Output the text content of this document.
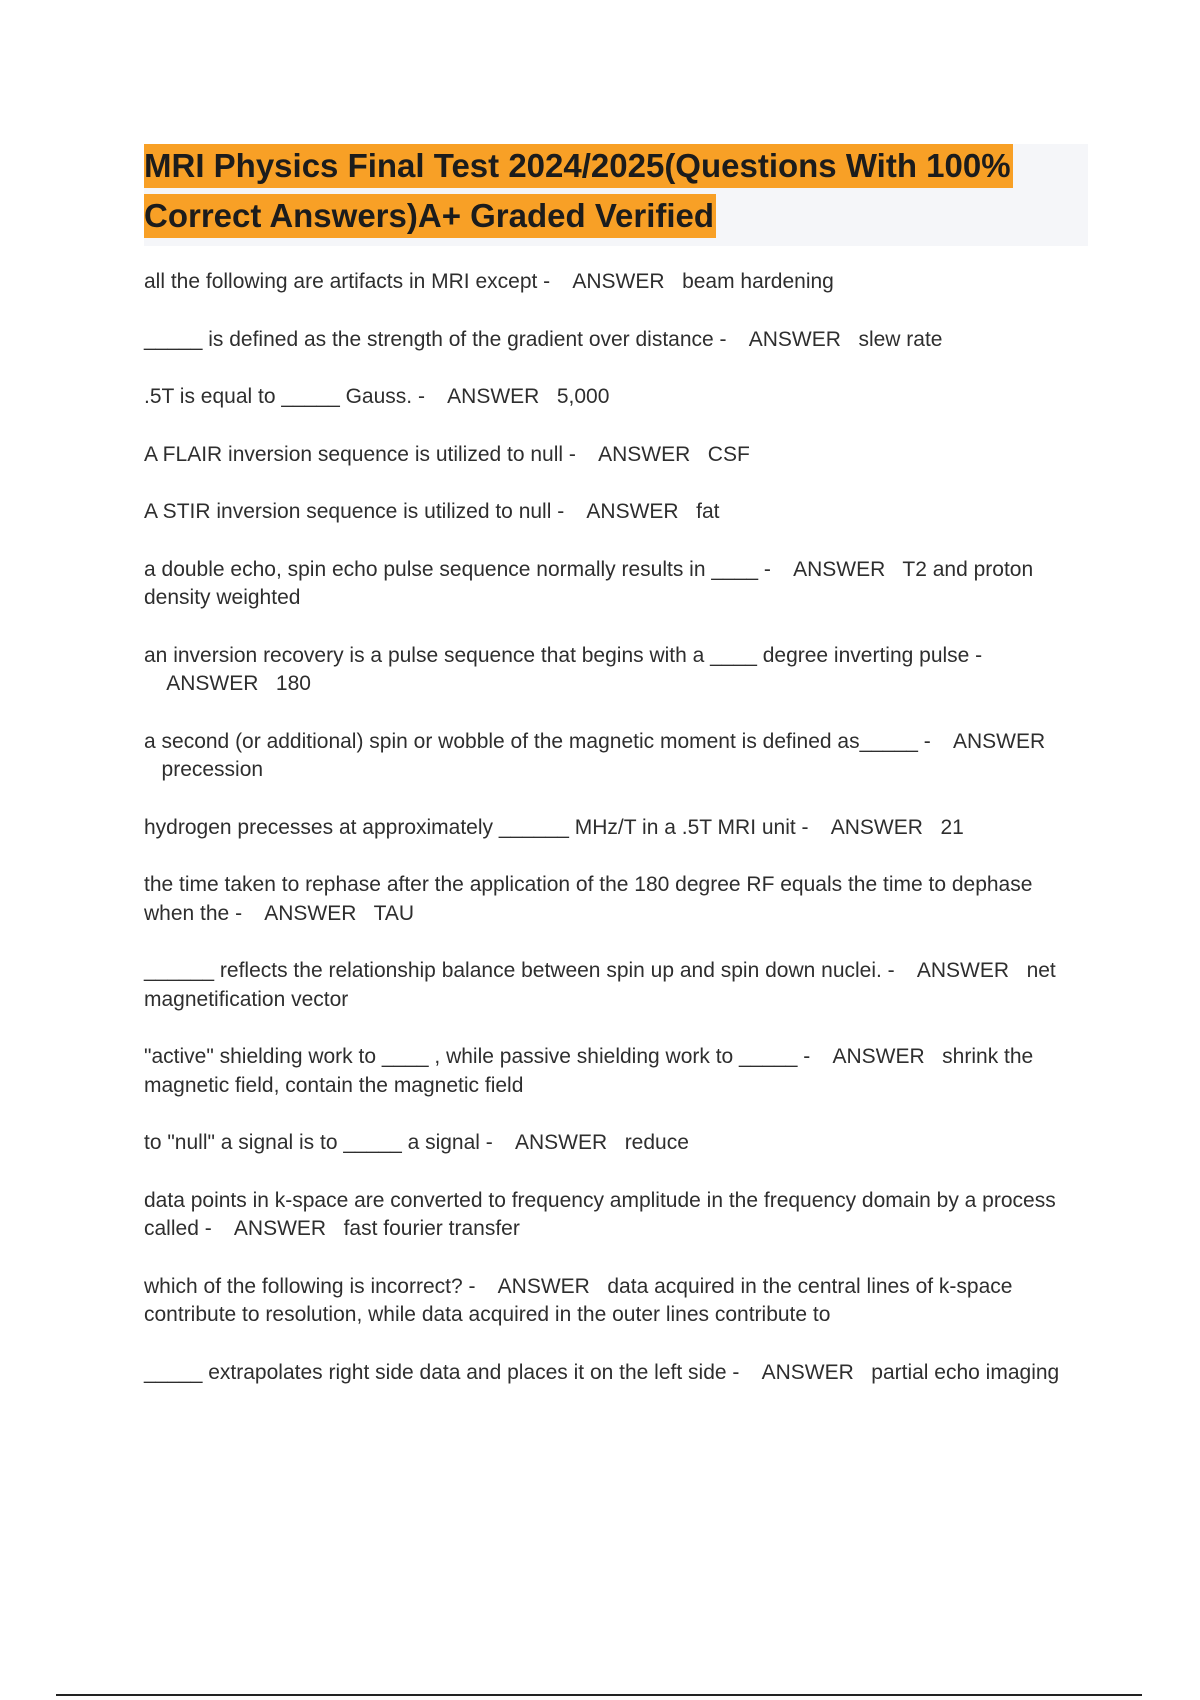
MRI Physics Final Test 2024/2025(Questions With 100%
Correct Answers)A+ Graded Verified
all the following are artifacts in MRI except - ANSWER beam hardening
_____ is defined as the strength of the gradient over distance - ANSWER slew rate
.5T is equal to _____ Gauss. - ANSWER 5,000
A FLAIR inversion sequence is utilized to null - ANSWER CSF
A STIR inversion sequence is utilized to null - ANSWER fat
a double echo, spin echo pulse sequence normally results in ____ - ANSWER T2 and proton density weighted
an inversion recovery is a pulse sequence that begins with a ____ degree inverting pulse -    ANSWER 180
a second (or additional) spin or wobble of the magnetic moment is defined as_____ - ANSWER   precession
hydrogen precesses at approximately ______ MHz/T in a .5T MRI unit - ANSWER 21
the time taken to rephase after the application of the 180 degree RF equals the time to dephase when the - ANSWER TAU
______ reflects the relationship balance between spin up and spin down nuclei. - ANSWER net magnetification vector
"active" shielding work to ____ , while passive shielding work to _____ - ANSWER shrink the magnetic field, contain the magnetic field
to "null" a signal is to _____ a signal - ANSWER reduce
data points in k-space are converted to frequency amplitude in the frequency domain by a process called - ANSWER fast fourier transfer
which of the following is incorrect? - ANSWER data acquired in the central lines of k-space contribute to resolution, while data acquired in the outer lines contribute to
_____ extrapolates right side data and places it on the left side - ANSWER partial echo imaging
